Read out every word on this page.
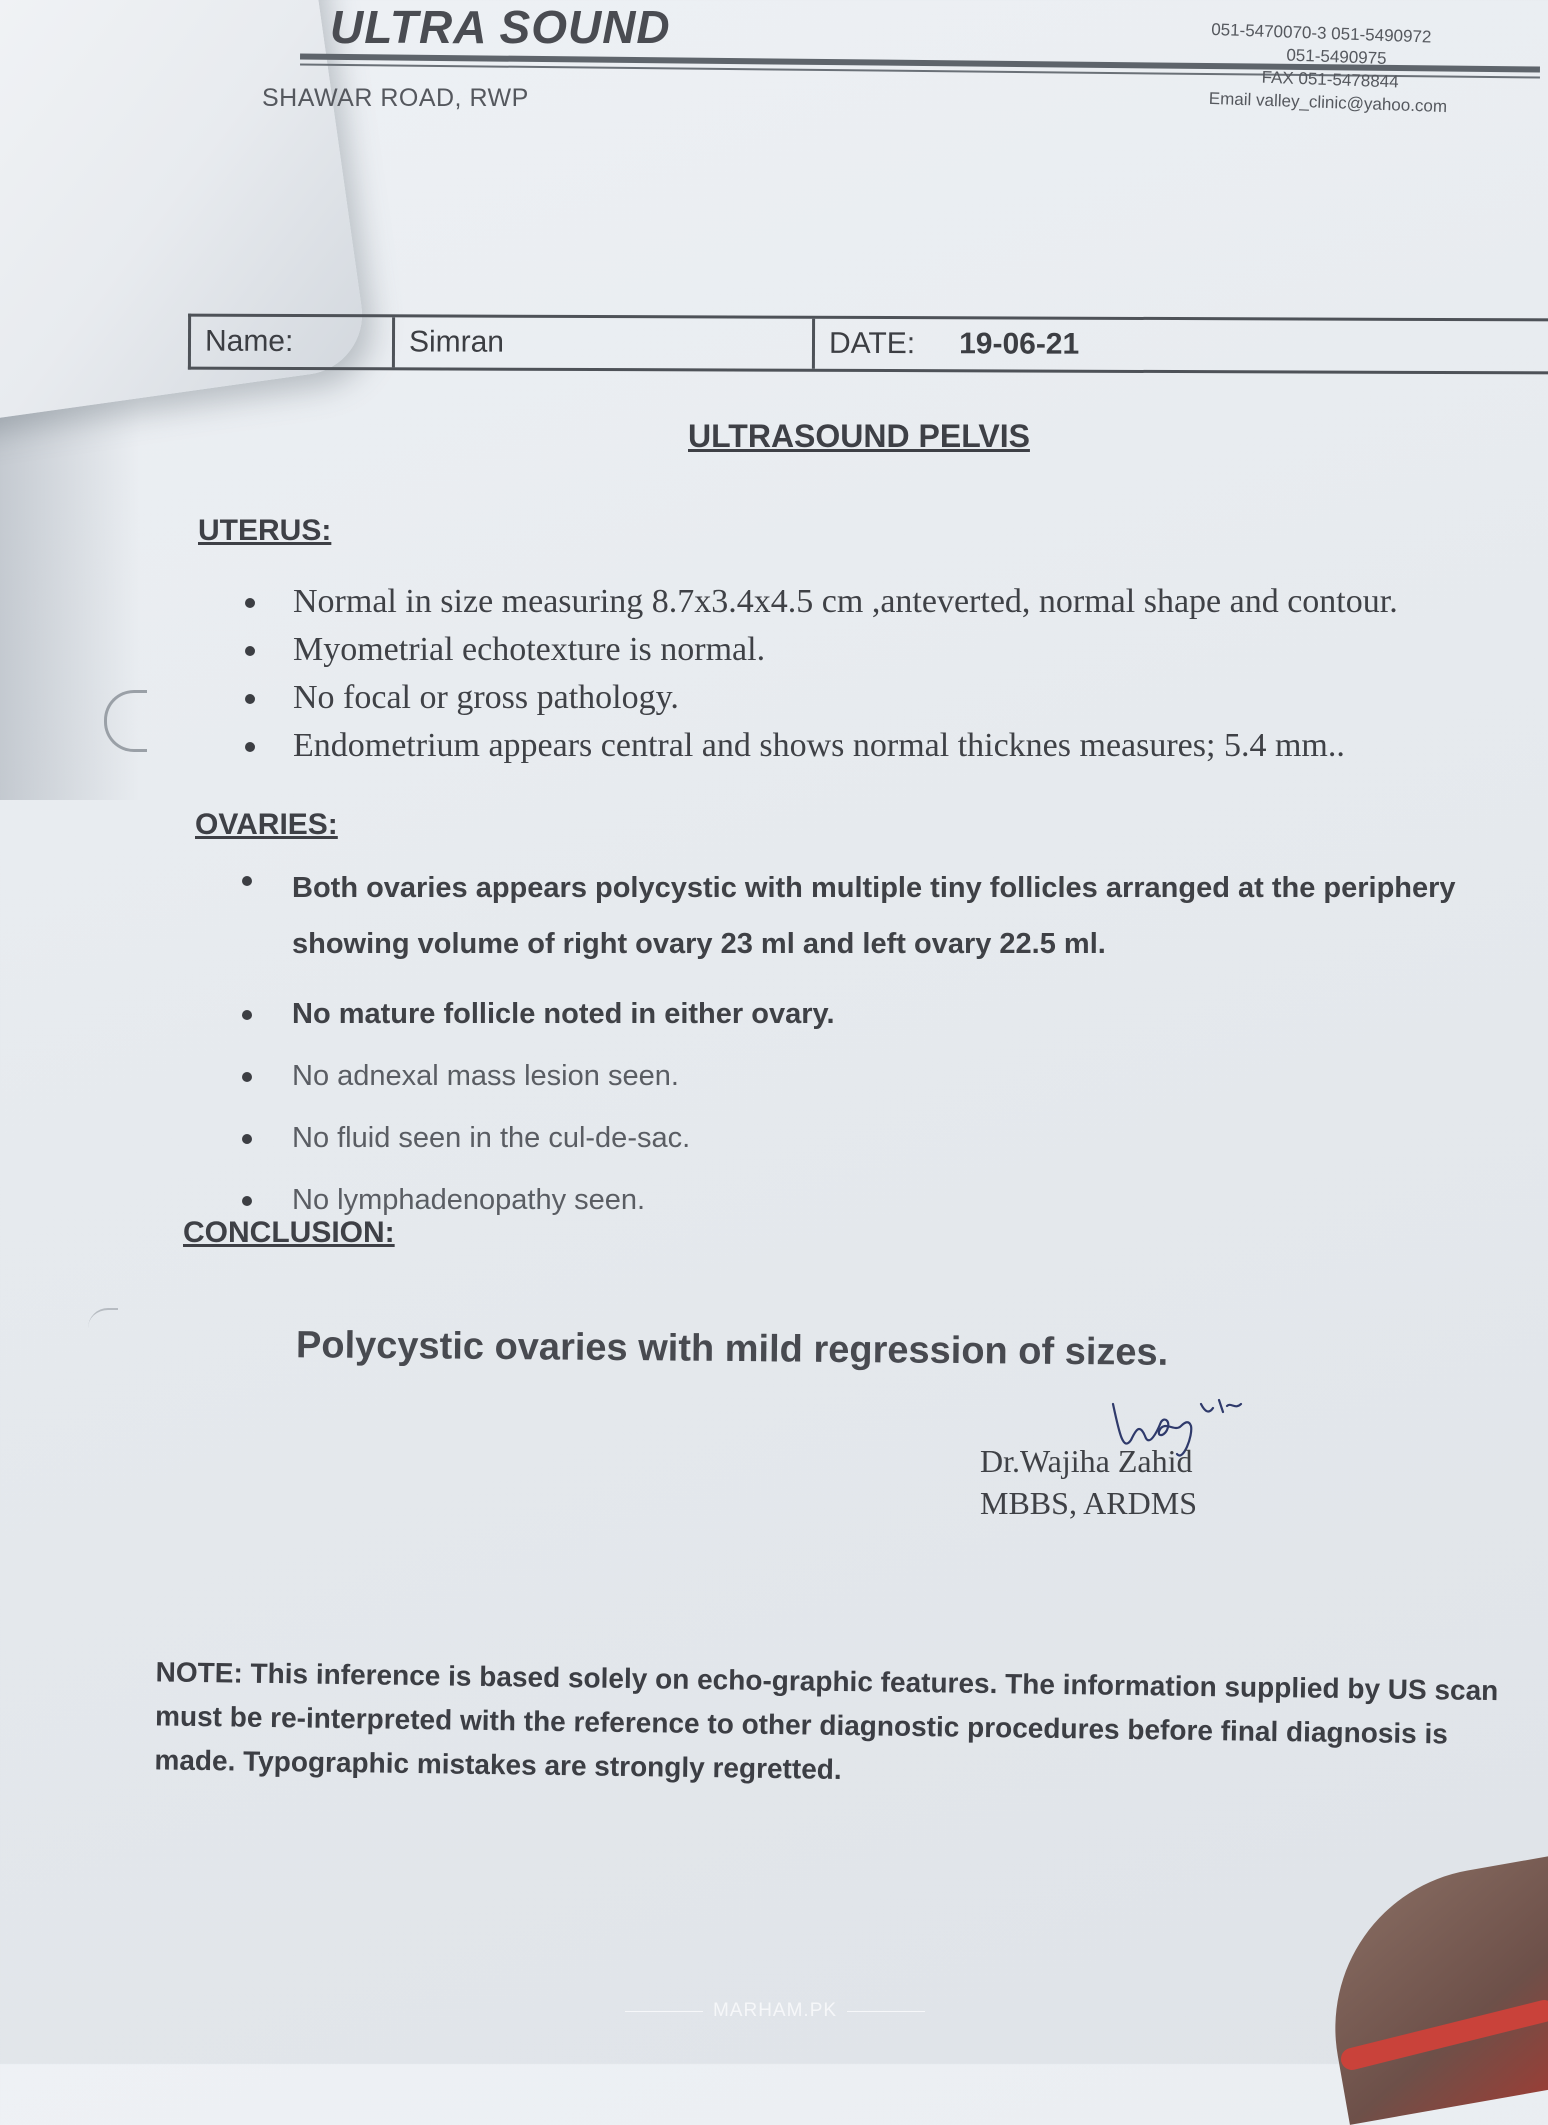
ULTRA SOUND
SHAWAR ROAD, RWP
051-5470070-3 051-5490972
051-5490975
FAX 051-5478844
Email valley_clinic@yahoo.com
Name:	Simran	DATE: 19-06-21
ULTRASOUND PELVIS
UTERUS:
Normal in size measuring 8.7x3.4x4.5 cm ,anteverted, normal shape and contour.
Myometrial echotexture is normal.
No focal or gross pathology.
Endometrium appears central and shows normal thicknes measures; 5.4 mm..
OVARIES:
Both ovaries appears polycystic with multiple tiny follicles arranged at the periphery showing volume of right ovary 23 ml and left ovary 22.5 ml.
No mature follicle noted in either ovary.
No adnexal mass lesion seen.
No fluid seen in the cul-de-sac.
No lymphadenopathy seen.
CONCLUSION:
Polycystic ovaries with mild regression of sizes.
Dr.Wajiha Zahid
MBBS, ARDMS
NOTE: This inference is based solely on echo-graphic features. The information supplied by US scan must be re-interpreted with the reference to other diagnostic procedures before final diagnosis is made. Typographic mistakes are strongly regretted.
MARHAM.PK
